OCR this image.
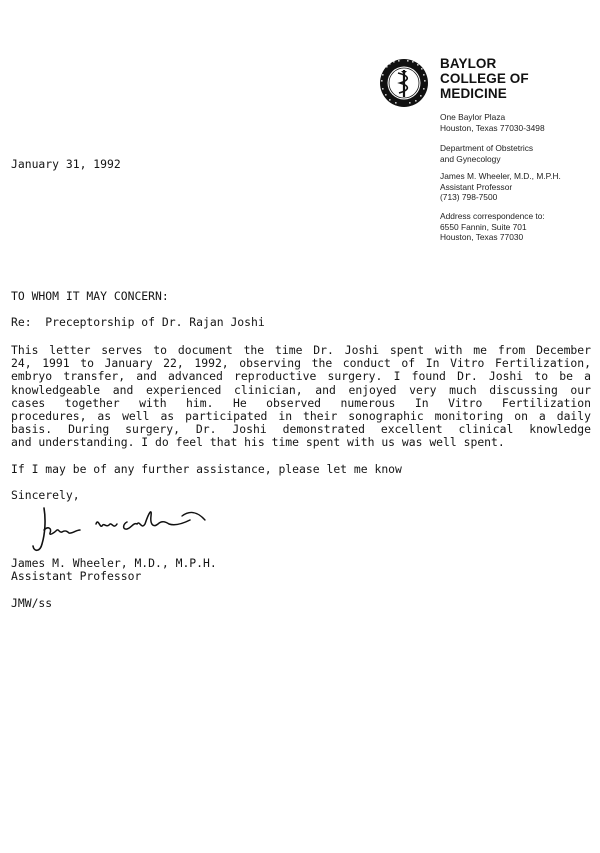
BAYLOR
COLLEGE OF
MEDICINE
One Baylor Plaza
Houston, Texas 77030-3498
Department of Obstetrics
and Gynecology
James M. Wheeler, M.D., M.P.H.
Assistant Professor
(713) 798-7500
Address correspondence to:
6550 Fannin, Suite 701
Houston, Texas 77030
January 31, 1992
TO WHOM IT MAY CONCERN:
Re:  Preceptorship of Dr. Rajan Joshi
This letter serves to document the time Dr. Joshi spent with me from December
24, 1991 to January 22, 1992, observing the conduct of In Vitro Fertilization,
embryo transfer, and advanced reproductive surgery. I found Dr. Joshi to be a
knowledgeable and experienced clinician, and enjoyed very much discussing our
cases together with him. He observed numerous In Vitro Fertilization
procedures, as well as participated in their sonographic monitoring on a daily
basis. During surgery, Dr. Joshi demonstrated excellent clinical knowledge
and understanding. I do feel that his time spent with us was well spent.
If I may be of any further assistance, please let me know
Sincerely,
James M. Wheeler, M.D., M.P.H.
Assistant Professor
JMW/ss
